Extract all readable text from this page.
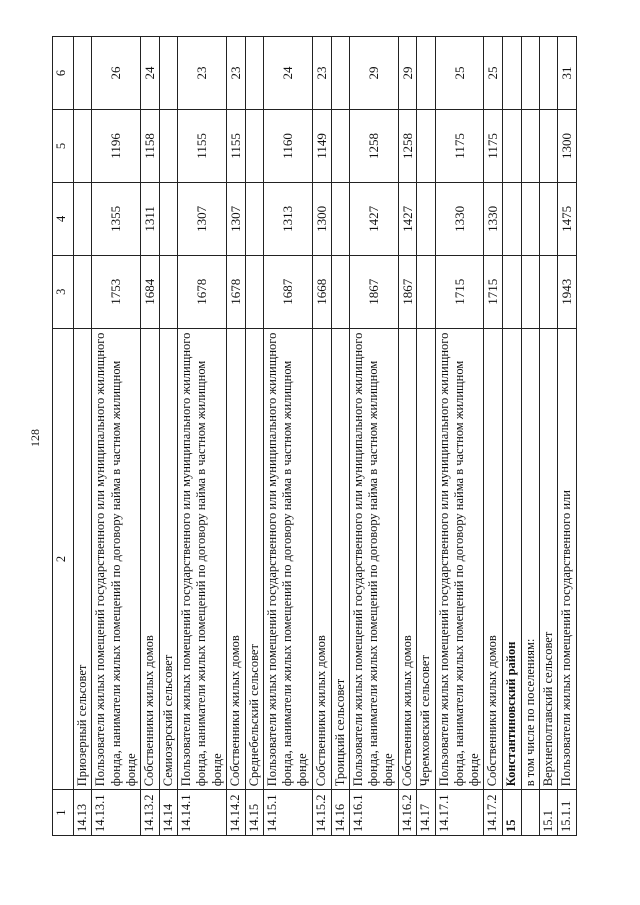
128
1	2	3	4	5	6
14.13	Приозерный сельсовет				
14.13.1	Пользователи жилых помещений государственного или муниципального жилищного фонда, наниматели жилых помещений по договору найма в частном жилищном фонде	1753	1355	1196	26
14.13.2	Собственники жилых домов	1684	1311	1158	24
14.14	Семиозерский сельсовет				
14.14.1	Пользователи жилых помещений государственного или муниципального жилищного фонда, наниматели жилых помещений по договору найма в частном жилищном фонде	1678	1307	1155	23
14.14.2	Собственники жилых домов	1678	1307	1155	23
14.15	Среднебельский сельсовет				
14.15.1	Пользователи жилых помещений государственного или муниципального жилищного фонда, наниматели жилых помещений по договору найма в частном жилищном фонде	1687	1313	1160	24
14.15.2	Собственники жилых домов	1668	1300	1149	23
14.16	Троицкий сельсовет				
14.16.1	Пользователи жилых помещений государственного или муниципального жилищного фонда, наниматели жилых помещений по договору найма в частном жилищном фонде	1867	1427	1258	29
14.16.2	Собственники жилых домов	1867	1427	1258	29
14.17	Черемховский сельсовет				
14.17.1	Пользователи жилых помещений государственного или муниципального жилищного фонда, наниматели жилых помещений по договору найма в частном жилищном фонде	1715	1330	1175	25
14.17.2	Собственники жилых домов	1715	1330	1175	25
15	Константиновский район				
	в том числе по поселениям:				
15.1	Верхнеполтавский сельсовет				
15.1.1	Пользователи жилых помещений государственного или	1943	1475	1300	31
